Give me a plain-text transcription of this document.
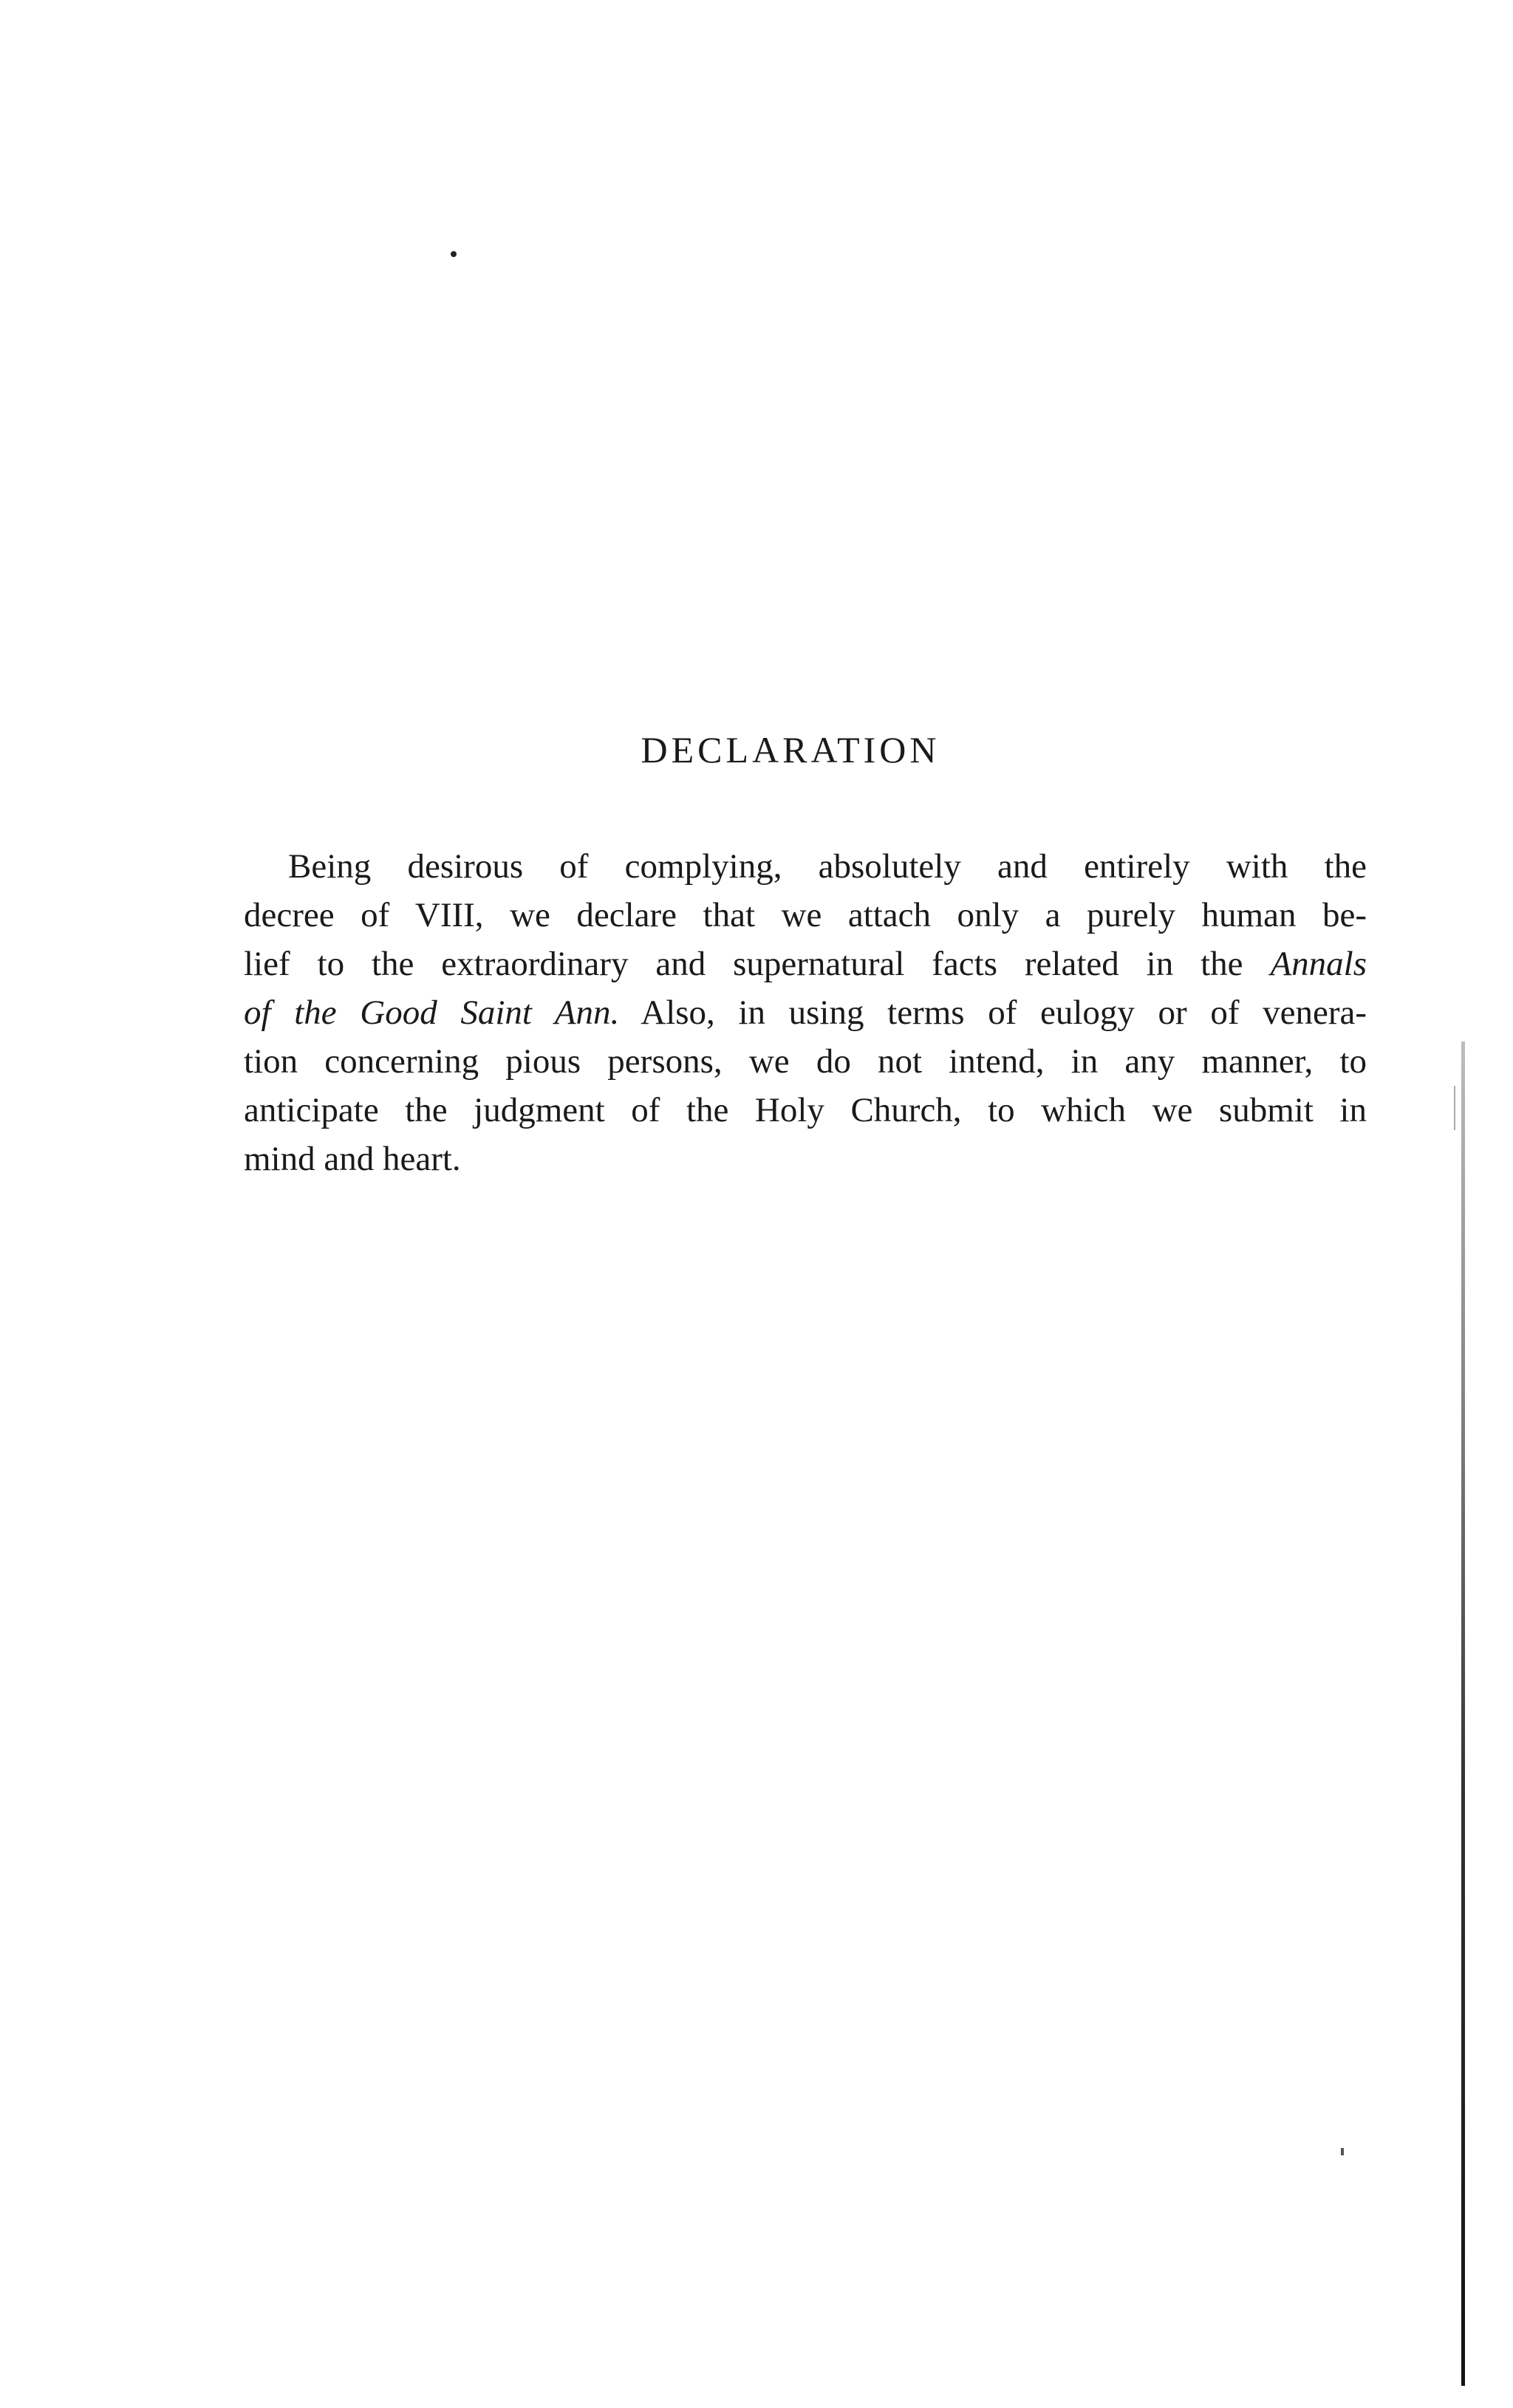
DECLARATION

Being desirous of complying, absolutely and entirely with the
decree of VIII, we declare that we attach only a purely human be-
lief to the extraordinary and supernatural facts related in the Annals
of the Good Saint Ann. Also, in using terms of eulogy or of venera-
tion concerning pious persons, we do not intend, in any manner, to
anticipate the judgment of the Holy Church, to which we submit in
mind and heart.
